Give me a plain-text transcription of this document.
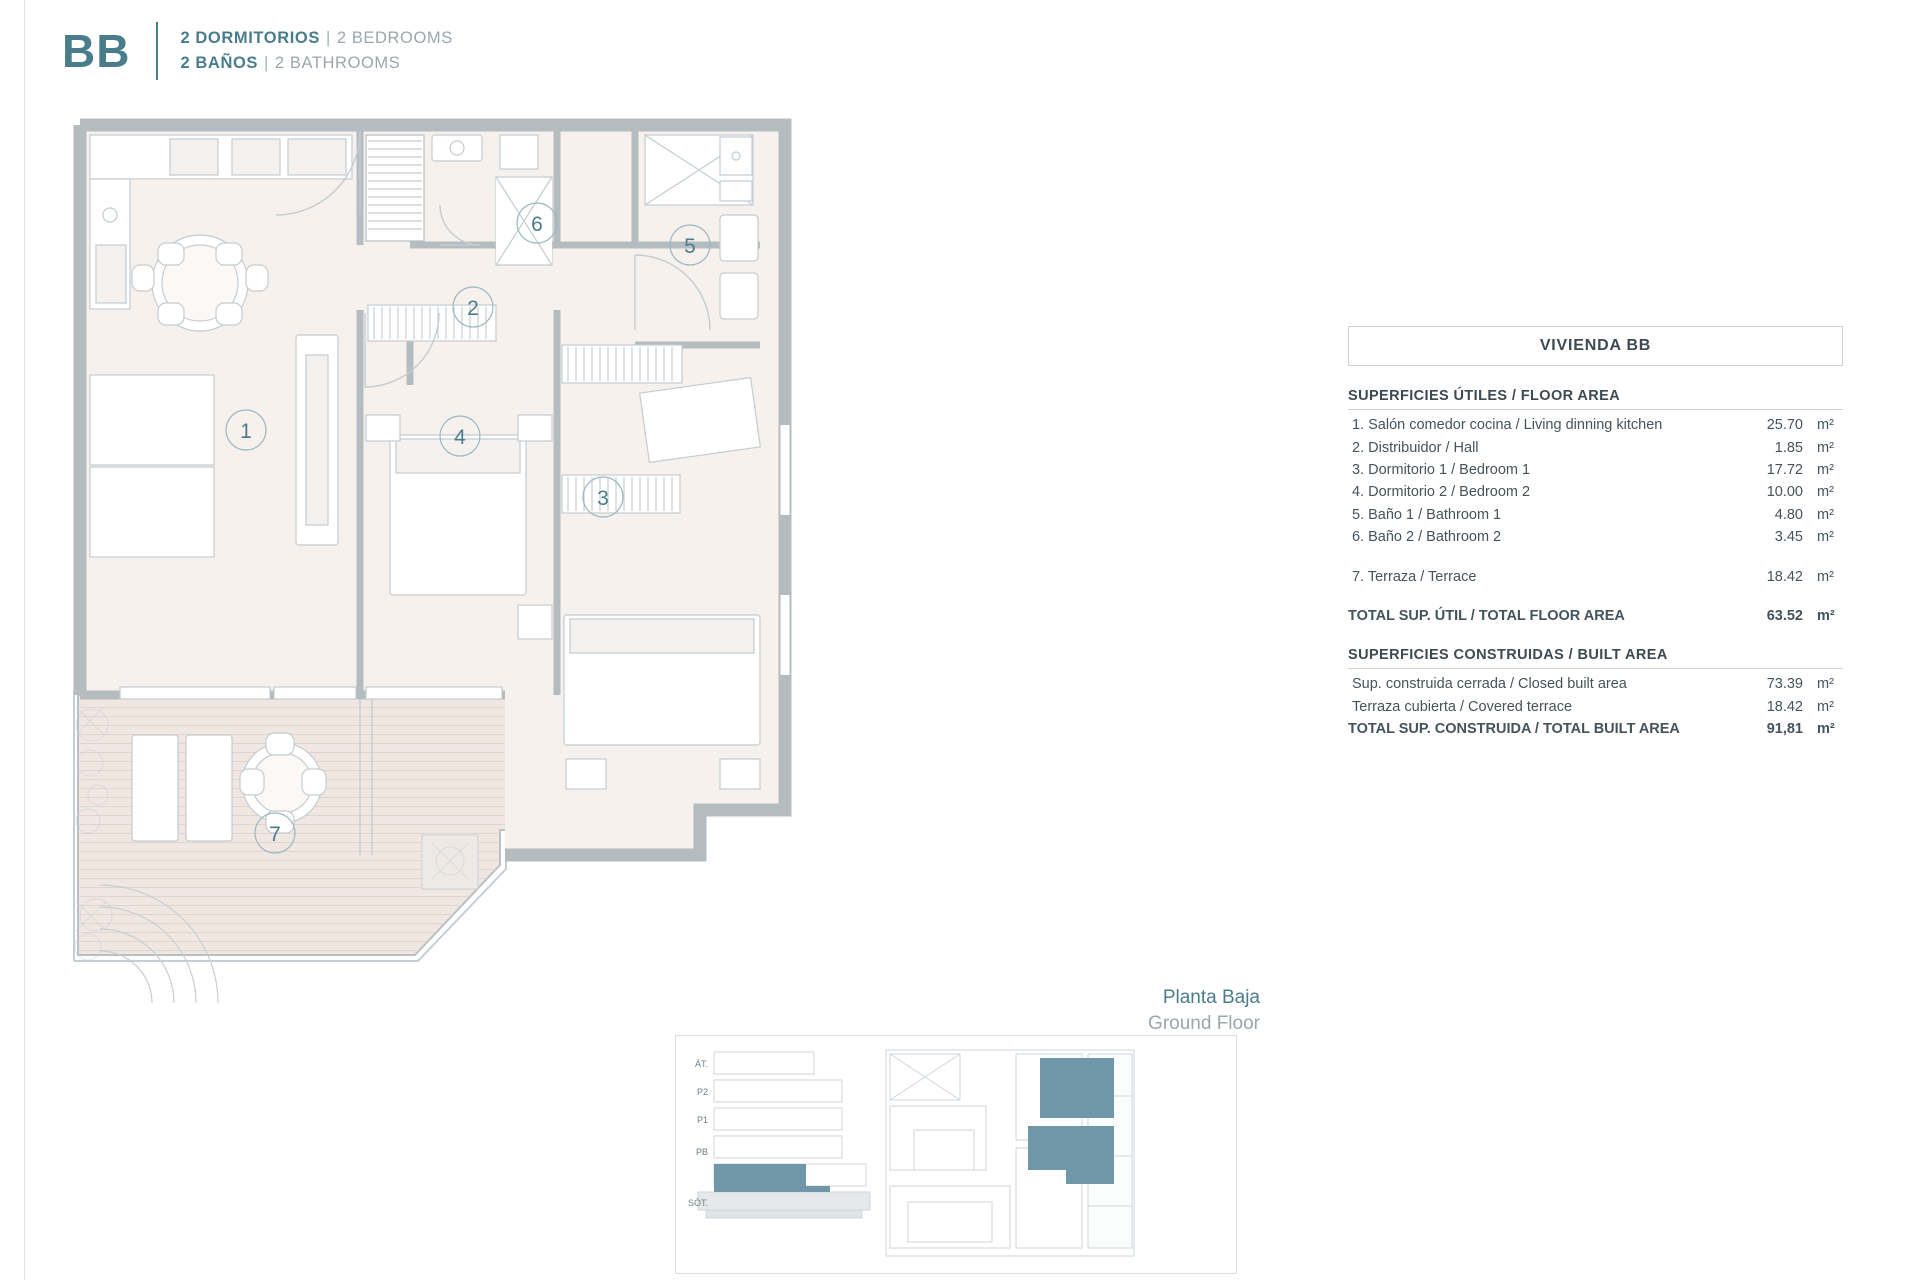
BB	2 DORMITORIOS | 2 BEDROOMS
2 BAÑOS | 2 BATHROOMS
1
2
3
4
5
6
7
Planta Baja
Ground Floor
ÁT.
P2
P1
PB
SÓT.
VIVIENDA BB
SUPERFICIES ÚTILES / FLOOR AREA
1. Salón comedor cocina / Living dinning kitchen	25.70 m²
2. Distribuidor / Hall	1.85 m²
3. Dormitorio 1 / Bedroom 1	17.72 m²
4. Dormitorio 2 / Bedroom 2	10.00 m²
5. Baño 1 / Bathroom 1	4.80 m²
6. Baño 2 / Bathroom 2	3.45 m²
7. Terraza / Terrace	18.42 m²
TOTAL SUP. ÚTIL / TOTAL FLOOR AREA	63.52 m²
SUPERFICIES CONSTRUIDAS / BUILT AREA
Sup. construida cerrada / Closed built area	73.39 m²
Terraza cubierta / Covered terrace	18.42 m²
TOTAL SUP. CONSTRUIDA / TOTAL BUILT AREA	91,81 m²
